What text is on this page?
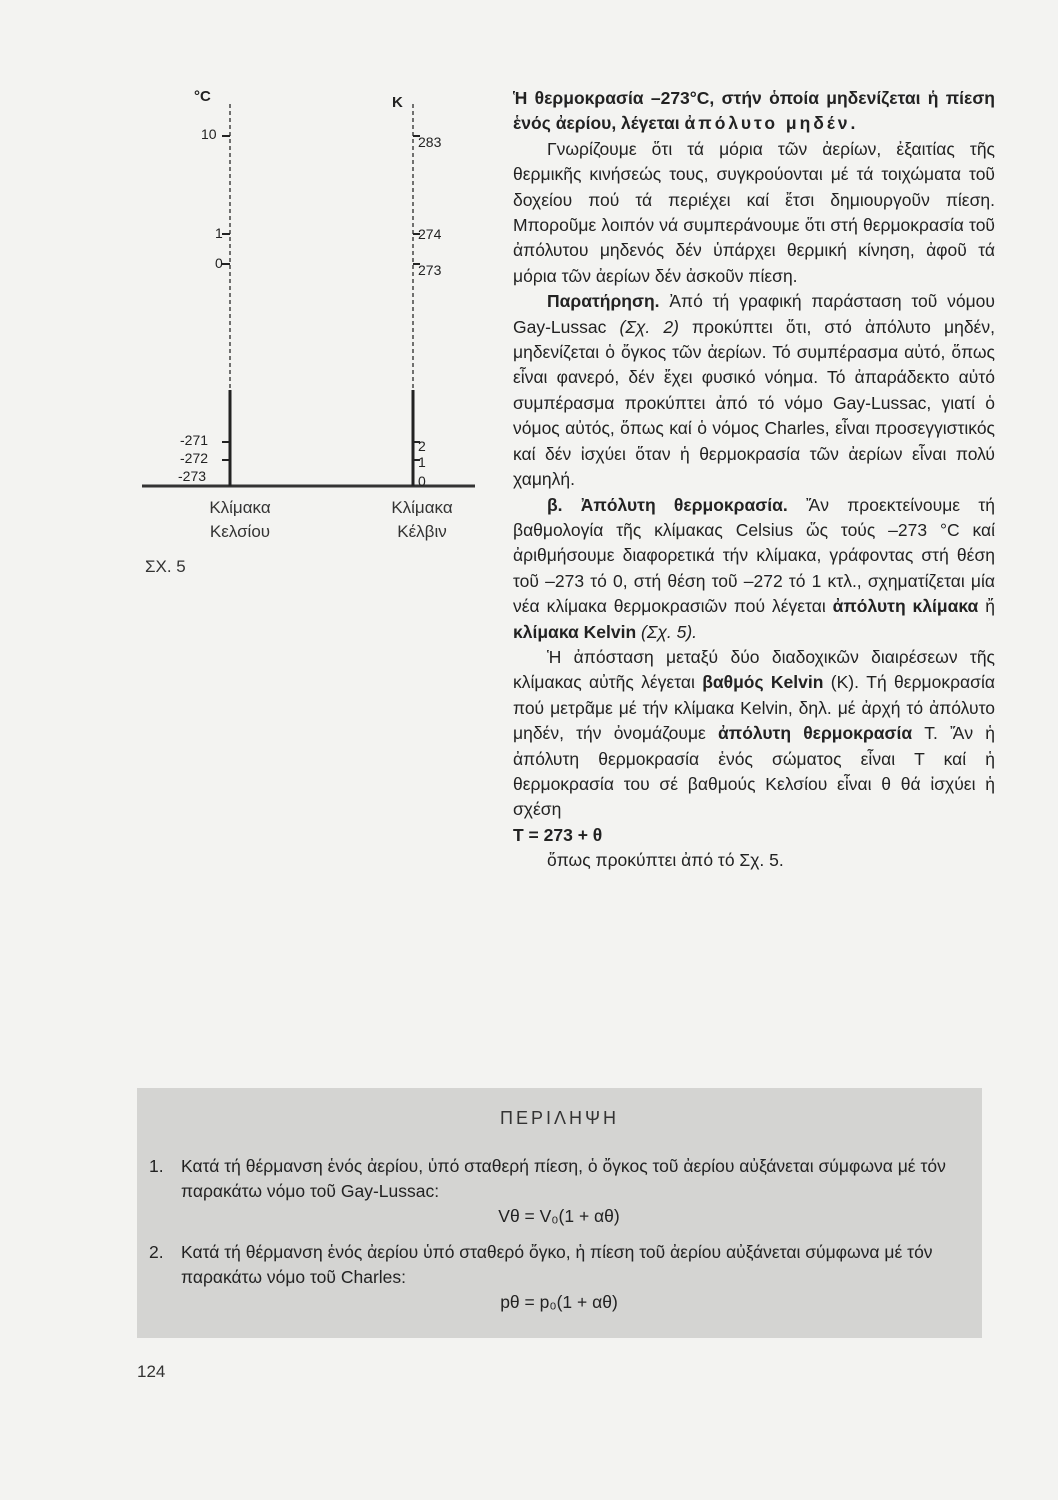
°C	K
10
1
0
-271
-272
-273
283
274
273
2
1
0
Κλίμακα
Κελσίου
Κλίμακα
Κέλβιν
ΣΧ. 5

Ἡ θερμοκρασία –273°C, στήν ὁποία μηδενίζεται ἡ πίεση ἑνός ἀερίου, λέγεται ἀπόλυτο μηδέν.

Γνωρίζουμε ὅτι τά μόρια τῶν ἀερίων, ἐξαιτίας τῆς θερμικῆς κινήσεώς τους, συγκρούονται μέ τά τοιχώματα τοῦ δοχείου πού τά περιέχει καί ἔτσι δημιουργοῦν πίεση. Μποροῦμε λοιπόν νά συμπεράνουμε ὅτι στή θερμοκρασία τοῦ ἀπόλυτου μηδενός δέν ὑπάρχει θερμική κίνηση, ἀφοῦ τά μόρια τῶν ἀερίων δέν ἀσκοῦν πίεση.

Παρατήρηση. Ἀπό τή γραφική παράσταση τοῦ νόμου Gay-Lussac (Σχ. 2) προκύπτει ὅτι, στό ἀπόλυτο μηδέν, μηδενίζεται ὁ ὄγκος τῶν ἀερίων. Τό συμπέρασμα αὐτό, ὅπως εἶναι φανερό, δέν ἔχει φυσικό νόημα. Τό ἀπαράδεκτο αὐτό συμπέρασμα προκύπτει ἀπό τό νόμο Gay-Lussac, γιατί ὁ νόμος αὐτός, ὅπως καί ὁ νόμος Charles, εἶναι προσεγγιστικός καί δέν ἰσχύει ὅταν ἡ θερμοκρασία τῶν ἀερίων εἶναι πολύ χαμηλή.

β. Ἀπόλυτη θερμοκρασία. Ἄν προεκτείνουμε τή βαθμολογία τῆς κλίμακας Celsius ὥς τούς –273 °C καί ἀριθμήσουμε διαφορετικά τήν κλίμακα, γράφοντας στή θέση τοῦ –273 τό 0, στή θέση τοῦ –272 τό 1 κτλ., σχηματίζεται μία νέα κλίμακα θερμοκρασιῶν πού λέγεται ἀπόλυτη κλίμακα ἤ κλίμακα Kelvin (Σχ. 5).

Ἡ ἀπόσταση μεταξύ δύο διαδοχικῶν διαιρέσεων τῆς κλίμακας αὐτῆς λέγεται βαθμός Kelvin (K). Τή θερμοκρασία πού μετρᾶμε μέ τήν κλίμακα Kelvin, δηλ. μέ ἀρχή τό ἀπόλυτο μηδέν, τήν ὀνομάζουμε ἀπόλυτη θερμοκρασία T. Ἄν ἡ ἀπόλυτη θερμοκρασία ἑνός σώματος εἶναι T καί ἡ θερμοκρασία του σέ βαθμούς Κελσίου εἶναι θ θά ἰσχύει ἡ σχέση

T = 273 + θ

ὅπως προκύπτει ἀπό τό Σχ. 5.

ΠΕΡΙΛΗΨΗ
1. Κατά τή θέρμανση ἑνός ἀερίου, ὑπό σταθερή πίεση, ὁ ὄγκος τοῦ ἀερίου αὐξάνεται σύμφωνα μέ τόν παρακάτω νόμο τοῦ Gay-Lussac:
Vθ = V₀(1 + αθ)
2. Κατά τή θέρμανση ἑνός ἀερίου ὑπό σταθερό ὄγκο, ἡ πίεση τοῦ ἀερίου αὐξάνεται σύμφωνα μέ τόν παρακάτω νόμο τοῦ Charles:
pθ = p₀(1 + αθ)
124
